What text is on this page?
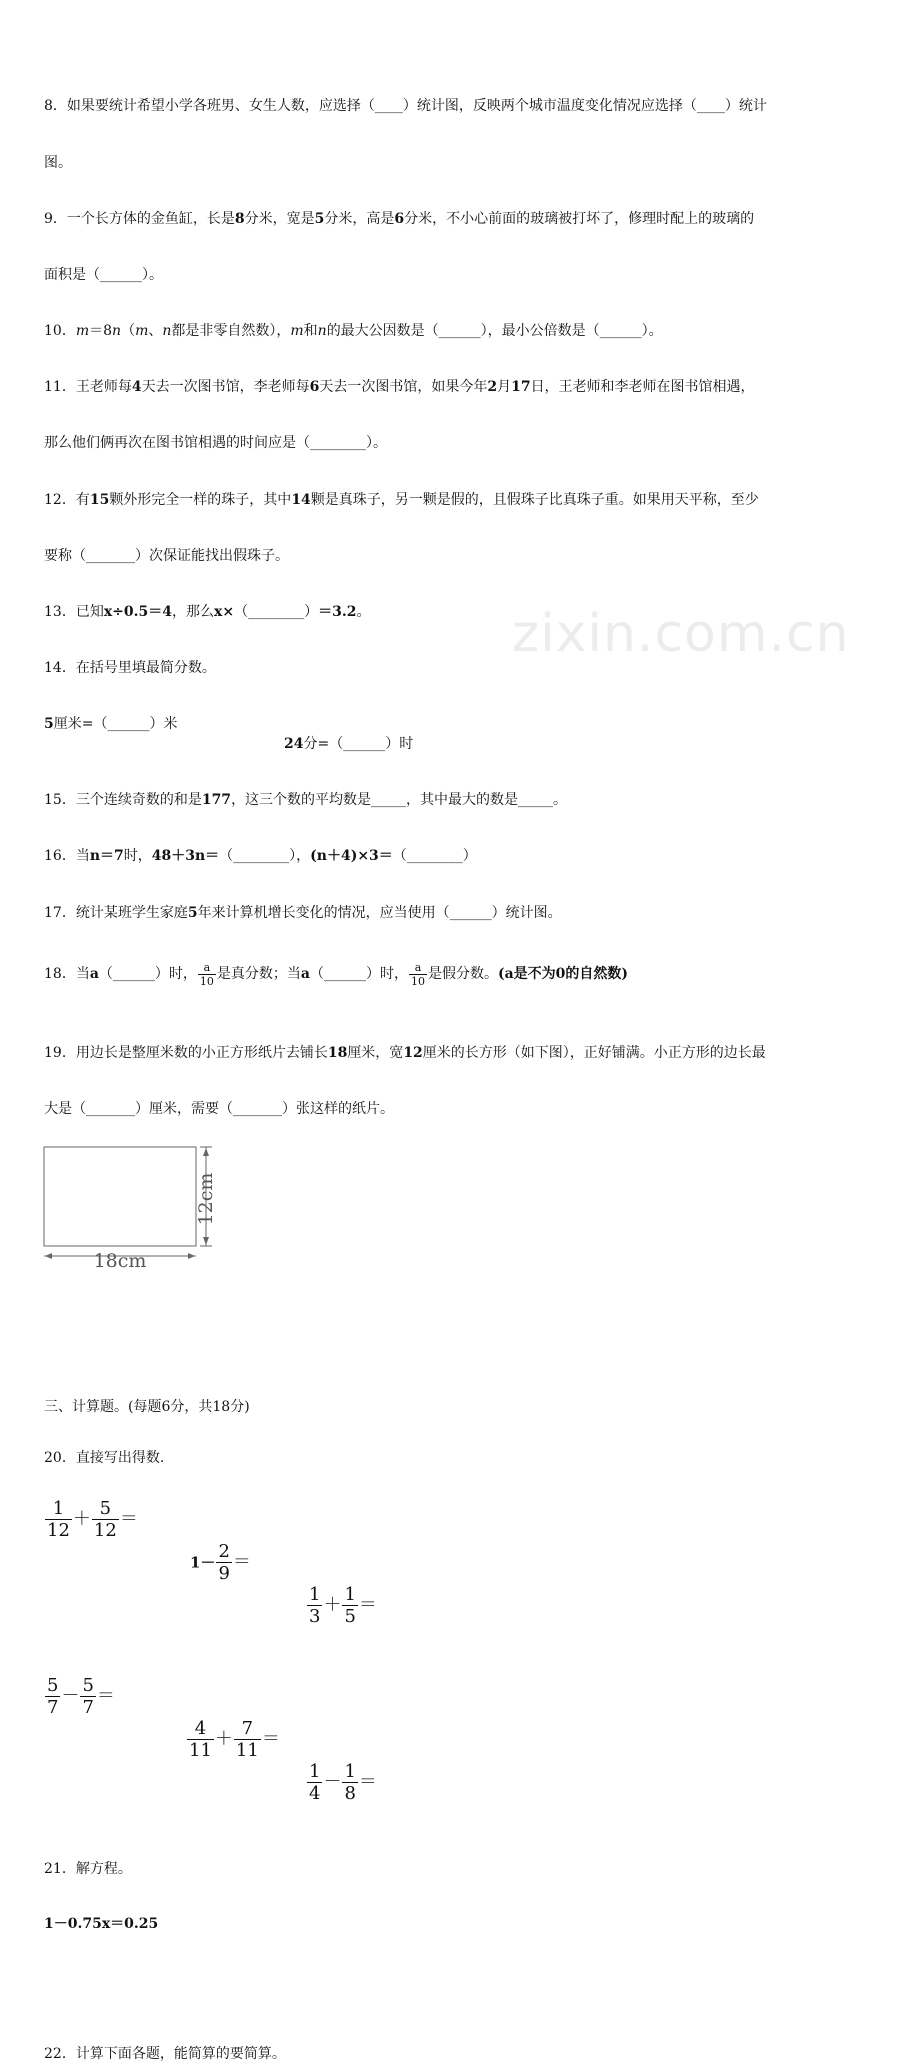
zixin.com.cn
8．如果要统计希望小学各班男、女生人数，应选择（____）统计图，反映两个城市温度变化情况应选择（____）统计
图。
9．一个长方体的金鱼缸，长是8分米，宽是5分米，高是6分米，不小心前面的玻璃被打坏了，修理时配上的玻璃的
面积是（______）。
10．m＝8n（m、n都是非零自然数），m和n的最大公因数是（______），最小公倍数是（______）。
11．王老师每4天去一次图书馆，李老师每6天去一次图书馆，如果今年2月17日，王老师和李老师在图书馆相遇，
那么他们俩再次在图书馆相遇的时间应是（________）。
12．有15颗外形完全一样的珠子，其中14颗是真珠子，另一颗是假的，且假珠子比真珠子重。如果用天平称，至少
要称（_______）次保证能找出假珠子。
13．已知x÷0.5＝4，那么x×（________）＝3.2。
14．在括号里填最简分数。
5厘米=（______）米
24分=（______）时
15．三个连续奇数的和是177，这三个数的平均数是_____，其中最大的数是_____。
16．当n＝7时，48＋3n＝（________），(n＋4)×3＝（________）
17．统计某班学生家庭5年来计算机增长变化的情况，应当使用（______）统计图。
18．当a（______）时， $\frac{a}{10}$ 是真分数；当a（______）时， $\frac{a}{10}$ 是假分数。(a是不为0的自然数)
19．用边长是整厘米数的小正方形纸片去铺长18厘米，宽12厘米的长方形（如下图），正好铺满。小正方形的边长最
大是（_______）厘米，需要（_______）张这样的纸片。
12cm
18cm
三、计算题。(每题6分，共18分)
20．直接写出得数.
$\frac{1}{12} + \frac{5}{12}$ ＝
$1- \frac{2}{9}$ ＝
$\frac{1}{3} + \frac{1}{5}$ ＝
$\frac{5}{7} - \frac{5}{7}$ ＝
$\frac{4}{11} + \frac{7}{11}$ ＝
$\frac{1}{4} - \frac{1}{8}$ ＝
21．解方程。
1－0.75x＝0.25
22．计算下面各题，能简算的要简算。
